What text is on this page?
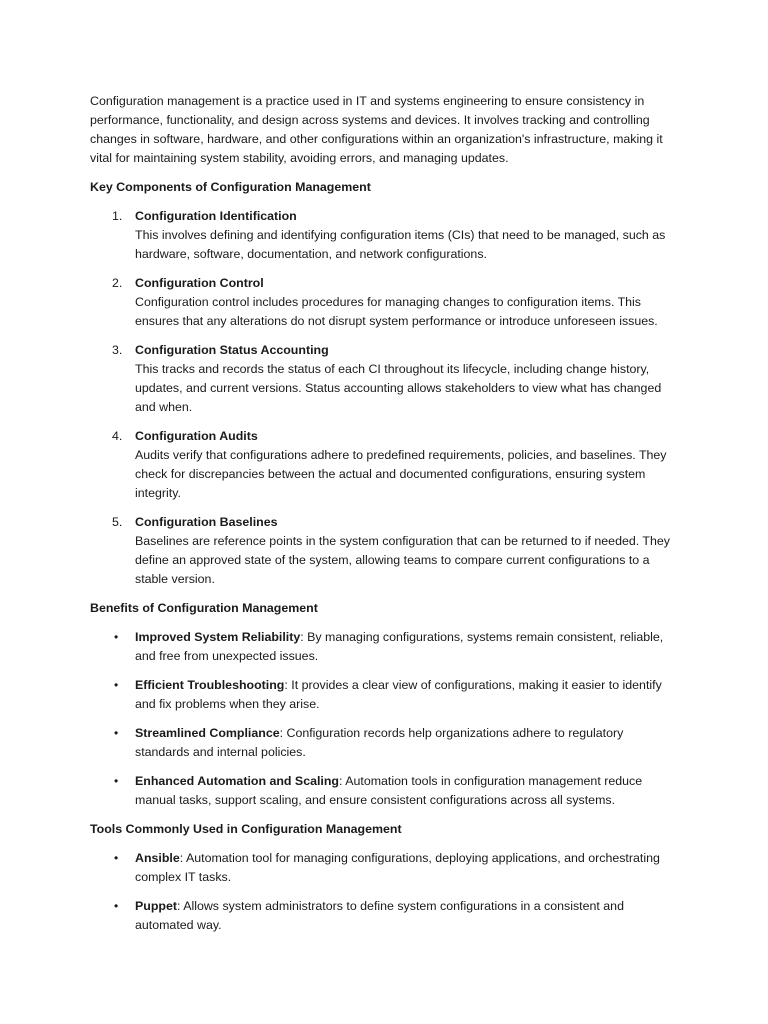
Configuration management is a practice used in IT and systems engineering to ensure consistency in performance, functionality, and design across systems and devices. It involves tracking and controlling changes in software, hardware, and other configurations within an organization's infrastructure, making it vital for maintaining system stability, avoiding errors, and managing updates.

Key Components of Configuration Management

1. Configuration Identification
This involves defining and identifying configuration items (CIs) that need to be managed, such as hardware, software, documentation, and network configurations.
2. Configuration Control
Configuration control includes procedures for managing changes to configuration items. This ensures that any alterations do not disrupt system performance or introduce unforeseen issues.
3. Configuration Status Accounting
This tracks and records the status of each CI throughout its lifecycle, including change history, updates, and current versions. Status accounting allows stakeholders to view what has changed and when.
4. Configuration Audits
Audits verify that configurations adhere to predefined requirements, policies, and baselines. They check for discrepancies between the actual and documented configurations, ensuring system integrity.
5. Configuration Baselines
Baselines are reference points in the system configuration that can be returned to if needed. They define an approved state of the system, allowing teams to compare current configurations to a stable version.

Benefits of Configuration Management

• Improved System Reliability: By managing configurations, systems remain consistent, reliable, and free from unexpected issues.
• Efficient Troubleshooting: It provides a clear view of configurations, making it easier to identify and fix problems when they arise.
• Streamlined Compliance: Configuration records help organizations adhere to regulatory standards and internal policies.
• Enhanced Automation and Scaling: Automation tools in configuration management reduce manual tasks, support scaling, and ensure consistent configurations across all systems.

Tools Commonly Used in Configuration Management

• Ansible: Automation tool for managing configurations, deploying applications, and orchestrating complex IT tasks.
• Puppet: Allows system administrators to define system configurations in a consistent and automated way.
